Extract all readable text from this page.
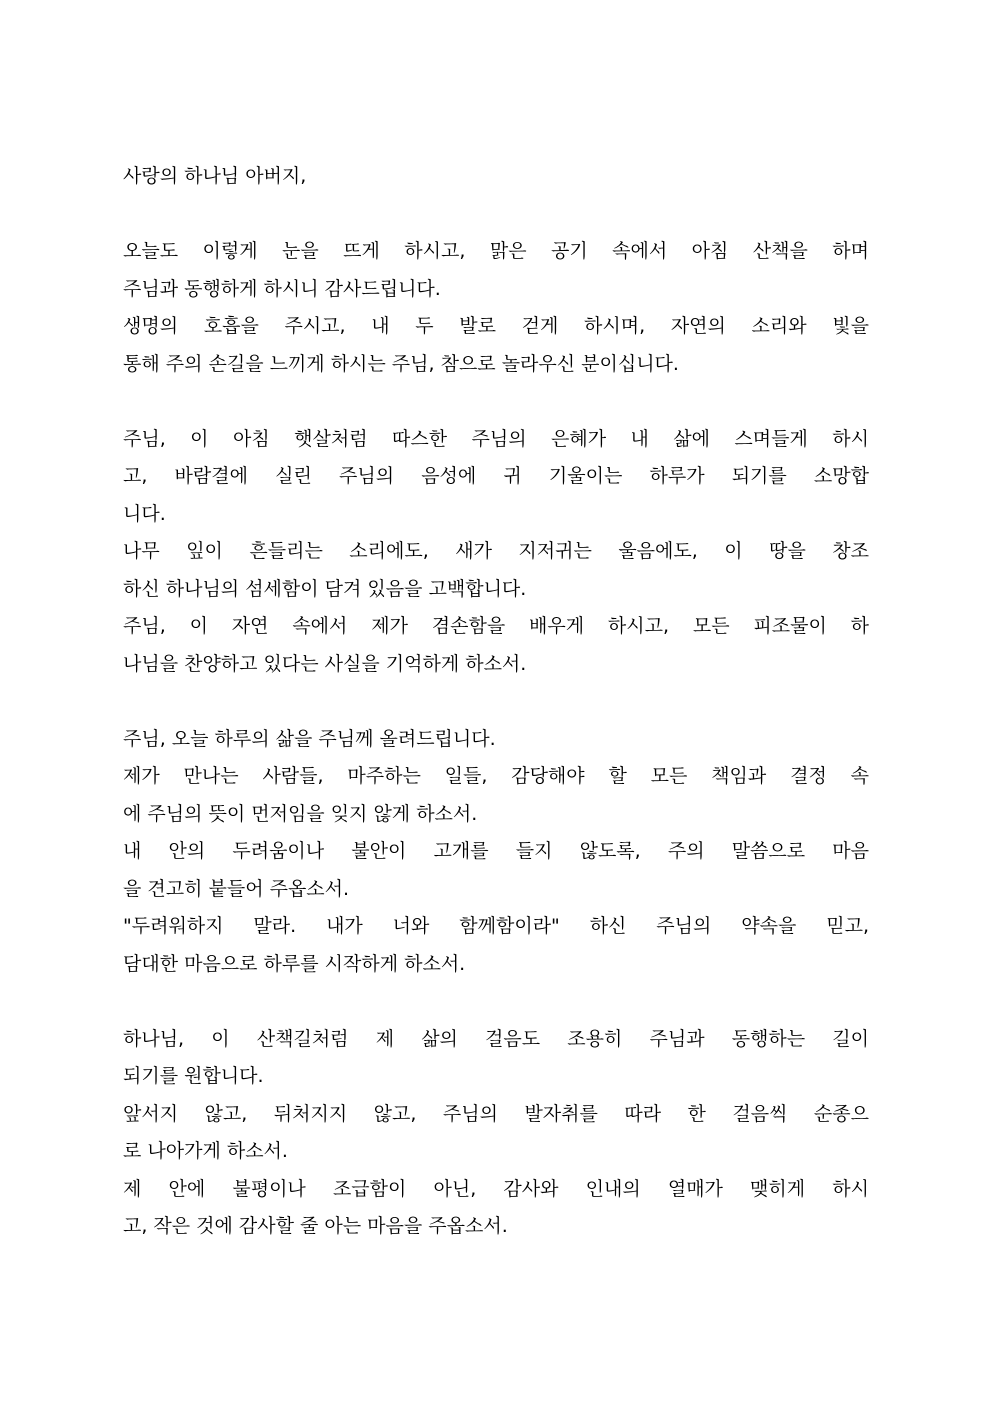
사랑의 하나님 아버지,
오늘도 이렇게 눈을 뜨게 하시고, 맑은 공기 속에서 아침 산책을 하며
주님과 동행하게 하시니 감사드립니다.
생명의 호흡을 주시고, 내 두 발로 걷게 하시며, 자연의 소리와 빛을
통해 주의 손길을 느끼게 하시는 주님, 참으로 놀라우신 분이십니다.
주님, 이 아침 햇살처럼 따스한 주님의 은혜가 내 삶에 스며들게 하시
고, 바람결에 실린 주님의 음성에 귀 기울이는 하루가 되기를 소망합
니다.
나무 잎이 흔들리는 소리에도, 새가 지저귀는 울음에도, 이 땅을 창조
하신 하나님의 섬세함이 담겨 있음을 고백합니다.
주님, 이 자연 속에서 제가 겸손함을 배우게 하시고, 모든 피조물이 하
나님을 찬양하고 있다는 사실을 기억하게 하소서.
주님, 오늘 하루의 삶을 주님께 올려드립니다.
제가 만나는 사람들, 마주하는 일들, 감당해야 할 모든 책임과 결정 속
에 주님의 뜻이 먼저임을 잊지 않게 하소서.
내 안의 두려움이나 불안이 고개를 들지 않도록, 주의 말씀으로 마음
을 견고히 붙들어 주옵소서.
"두려워하지 말라. 내가 너와 함께함이라" 하신 주님의 약속을 믿고,
담대한 마음으로 하루를 시작하게 하소서.
하나님, 이 산책길처럼 제 삶의 걸음도 조용히 주님과 동행하는 길이
되기를 원합니다.
앞서지 않고, 뒤처지지 않고, 주님의 발자취를 따라 한 걸음씩 순종으
로 나아가게 하소서.
제 안에 불평이나 조급함이 아닌, 감사와 인내의 열매가 맺히게 하시
고, 작은 것에 감사할 줄 아는 마음을 주옵소서.
